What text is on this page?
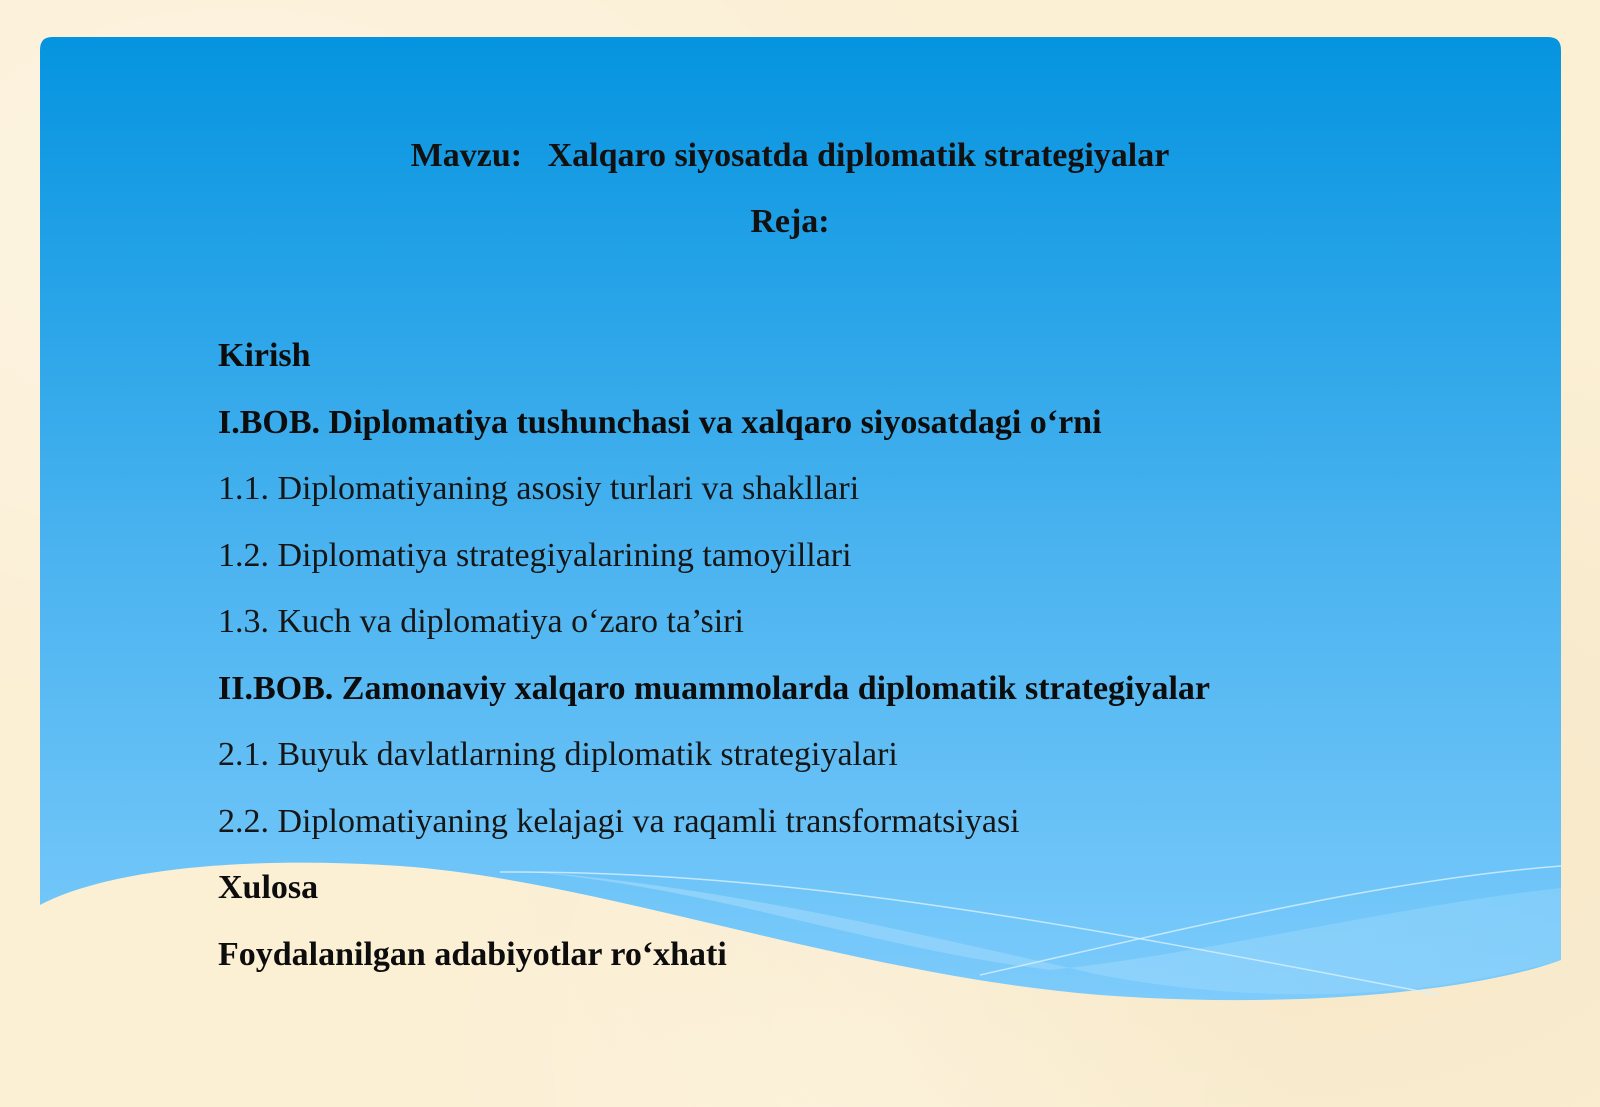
Mavzu: Xalqaro siyosatda diplomatik strategiyalar

Reja:

Kirish
I.BOB. Diplomatiya tushunchasi va xalqaro siyosatdagi o‘rni
1.1. Diplomatiyaning asosiy turlari va shakllari
1.2. Diplomatiya strategiyalarining tamoyillari
1.3. Kuch va diplomatiya o‘zaro ta’siri
II.BOB. Zamonaviy xalqaro muammolarda diplomatik strategiyalar
2.1. Buyuk davlatlarning diplomatik strategiyalari
2.2. Diplomatiyaning kelajagi va raqamli transformatsiyasi
Xulosa
Foydalanilgan adabiyotlar ro‘xhati
